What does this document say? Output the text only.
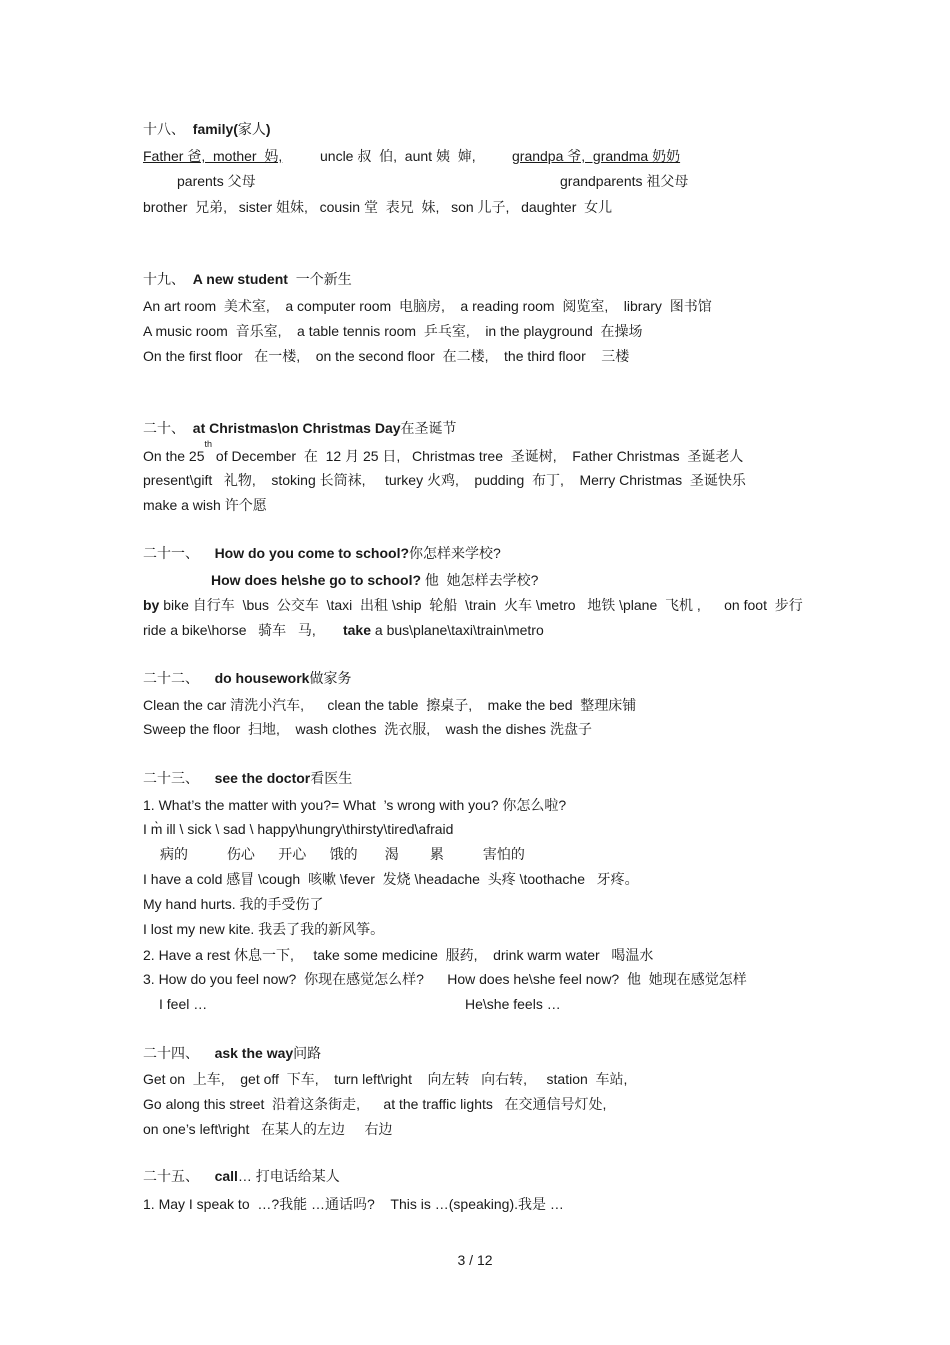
十八、 family(家人)
Father 爸,  mother  妈,	uncle 叔  伯,  aunt 姨  婶,	grandpa 爷,  grandma 奶奶
parents 父母	grandparents 祖父母
brother  兄弟,   sister 姐妹,   cousin 堂  表兄  妹,   son 儿子,   daughter  女儿
十九、 A new student 一个新生
An art room  美术室,    a computer room  电脑房,    a reading room  阅览室,    library  图书馆
A music room  音乐室,    a table tennis room  乒乓室,    in the playground  在操场
On the first floor   在一楼,    on the second floor  在二楼,    the third floor    三楼
二十、 at Christmas\on Christmas Day在圣诞节
On the 25th of December  在  12 月 25 日,   Christmas tree  圣诞树,    Father Christmas  圣诞老人
present\gift   礼物,    stoking 长筒袜,     turkey 火鸡,    pudding  布丁,    Merry Christmas  圣诞快乐
make a wish 许个愿
二十一、 How do you come to school?你怎样来学校?
How does he\she go to school? 他  她怎样去学校?
by bike 自行车  \bus  公交车  \taxi  出租 \ship  轮船  \train  火车 \metro   地铁 \plane  飞机 ,      on foot  步行
ride a bike\horse   骑车   马, take a bus\plane\taxi\train\metro
二十二、 do housework做家务
Clean the car 清洗小汽车,      clean the table  擦桌子,    make the bed  整理床铺
Sweep the floor  扫地,    wash clothes  洗衣服,    wash the dishes 洗盘子
二十三、 see the doctor看医生
1. What’s the matter with you?= What  ’s wrong with you? 你怎么啦?
I m̀ ill \ sick \ sad \ happy\hungry\thirsty\tired\afraid
病的          伤心      开心      饿的       渴        累          害怕的
I have a cold 感冒 \cough  咳嗽 \fever  发烧 \headache  头疼 \toothache   牙疼。
My hand hurts. 我的手受伤了
I lost my new kite. 我丢了我的新风筝。
2. Have a rest 休息一下,     take some medicine  服药,    drink warm water   喝温水
3. How do you feel now?  你现在感觉怎么样?      How does he\she feel now?  他  她现在感觉怎样
I feel …	He\she feels …
二十四、 ask the way问路
Get on  上车,    get off  下车,    turn left\right    向左转   向右转,     station  车站,
Go along this street  沿着这条街走,      at the traffic lights   在交通信号灯处,
on one’s left\right   在某人的左边     右边
二十五、 call… 打电话给某人
1. May I speak to  …?我能 …通话吗?    This is …(speaking).我是 …
3 / 12
